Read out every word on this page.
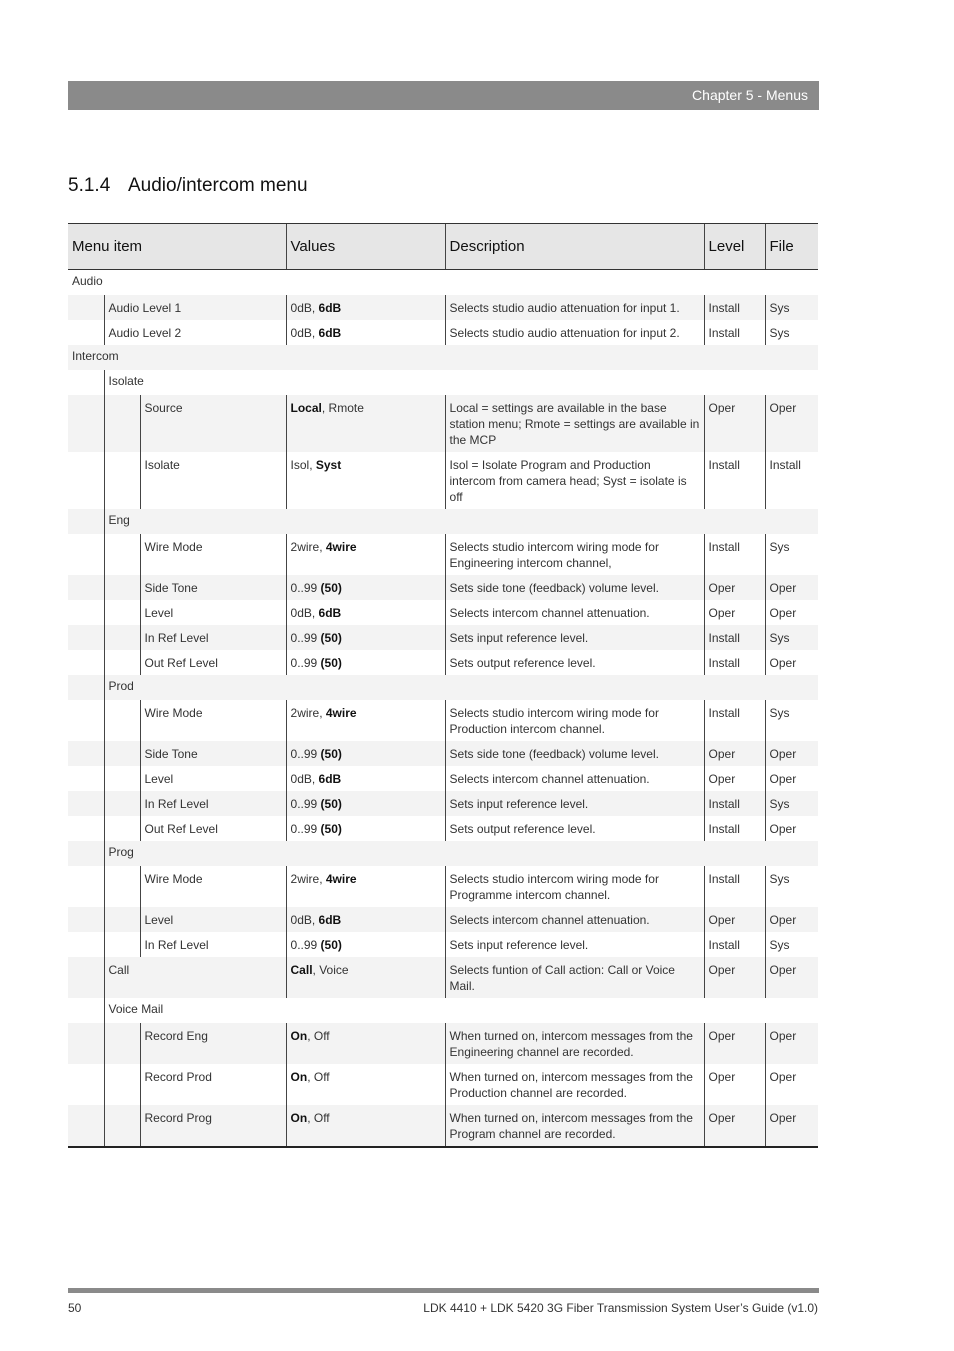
Chapter 5 - Menus
5.1.4 Audio/intercom menu
Menu item			Values	Description	Level	File
Audio						
	Audio Level 1		0dB, 6dB	Selects studio audio attenuation for input 1.	Install	Sys
	Audio Level 2		0dB, 6dB	Selects studio audio attenuation for input 2.	Install	Sys
Intercom						
	Isolate					
		Source	Local, Rmote	Local = settings are available in the base station menu; Rmote = settings are available in the MCP	Oper	Oper
		Isolate	Isol, Syst	Isol = Isolate Program and Production intercom from camera head; Syst = isolate is off	Install	Install
	Eng					
		Wire Mode	2wire, 4wire	Selects studio intercom wiring mode for Engineering intercom channel,	Install	Sys
		Side Tone	0..99 (50)	Sets side tone (feedback) volume level.	Oper	Oper
		Level	0dB, 6dB	Selects intercom channel attenuation.	Oper	Oper
		In Ref Level	0..99 (50)	Sets input reference level.	Install	Sys
		Out Ref Level	0..99 (50)	Sets output reference level.	Install	Oper
	Prod					
		Wire Mode	2wire, 4wire	Selects studio intercom wiring mode for Production intercom channel.	Install	Sys
		Side Tone	0..99 (50)	Sets side tone (feedback) volume level.	Oper	Oper
		Level	0dB, 6dB	Selects intercom channel attenuation.	Oper	Oper
		In Ref Level	0..99 (50)	Sets input reference level.	Install	Sys
		Out Ref Level	0..99 (50)	Sets output reference level.	Install	Oper
	Prog					
		Wire Mode	2wire, 4wire	Selects studio intercom wiring mode for Programme intercom channel.	Install	Sys
		Level	0dB, 6dB	Selects intercom channel attenuation.	Oper	Oper
		In Ref Level	0..99 (50)	Sets input reference level.	Install	Sys
	Call		Call, Voice	Selects funtion of Call action: Call or Voice Mail.	Oper	Oper
	Voice Mail					
		Record Eng	On, Off	When turned on, intercom messages from the Engineering channel are recorded.	Oper	Oper
		Record Prod	On, Off	When turned on, intercom messages from the Production channel are recorded.	Oper	Oper
		Record Prog	On, Off	When turned on, intercom messages from the Program channel are recorded.	Oper	Oper
50	LDK 4410 + LDK 5420 3G Fiber Transmission System User’s Guide (v1.0)
